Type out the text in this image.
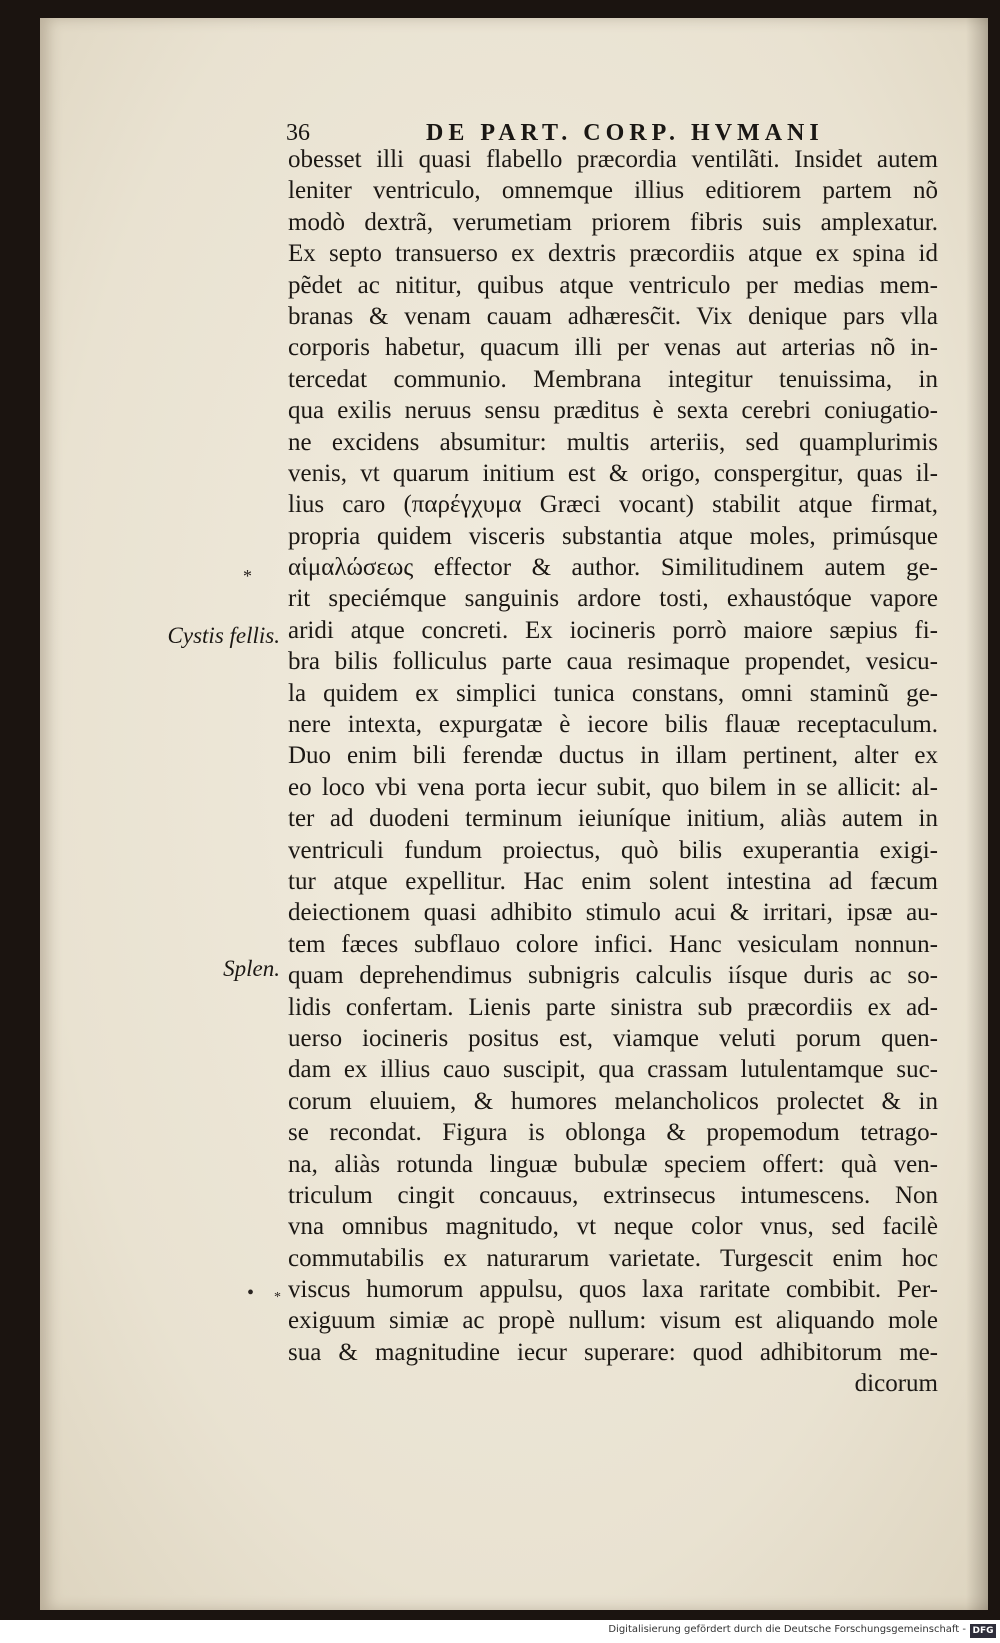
36	DE PART. CORP. HVMANI
Cystis fellis.
Splen.
*
• *
obesset illi quasi flabello præcordia ventilãti. Insidet autem
leniter ventriculo, omnemque illius editiorem partem nõ
modò dextrã, verumetiam priorem fibris suis amplexatur.
Ex septo transuerso ex dextris præcordiis atque ex spina id
pẽdet ac nititur, quibus atque ventriculo per medias mem-
branas & venam cauam adhæresc̃it. Vix denique pars vlla
corporis habetur, quacum illi per venas aut arterias nõ in-
tercedat communio. Membrana integitur tenuissima, in
qua exilis neruus sensu præditus è sexta cerebri coniugatio-
ne excidens absumitur: multis arteriis, sed quamplurimis
venis, vt quarum initium est & origo, conspergitur, quas il-
lius caro (παρέγχυμα Græci vocant) stabilit atque firmat,
propria quidem visceris substantia atque moles, primúsque
αἱμαλώσεως effector & author. Similitudinem autem ge-
rit speciémque sanguinis ardore tosti, exhaustóque vapore
aridi atque concreti. Ex iocineris porrò maiore sæpius fi-
bra bilis folliculus parte caua resimaque propendet, vesicu-
la quidem ex simplici tunica constans, omni staminũ ge-
nere intexta, expurgatæ è iecore bilis flauæ receptaculum.
Duo enim bili ferendæ ductus in illam pertinent, alter ex
eo loco vbi vena porta iecur subit, quo bilem in se allicit: al-
ter ad duodeni terminum ieiuníque initium, aliàs autem in
ventriculi fundum proiectus, quò bilis exuperantia exigi-
tur atque expellitur. Hac enim solent intestina ad fæcum
deiectionem quasi adhibito stimulo acui & irritari, ipsæ au-
tem fæces subflauo colore infici. Hanc vesiculam nonnun-
quam deprehendimus subnigris calculis iísque duris ac so-
lidis confertam. Lienis parte sinistra sub præcordiis ex ad-
uerso iocineris positus est, viamque veluti porum quen-
dam ex illius cauo suscipit, qua crassam lutulentamque suc-
corum eluuiem, & humores melancholicos prolectet & in
se recondat. Figura is oblonga & propemodum tetrago-
na, aliàs rotunda linguæ bubulæ speciem offert: quà ven-
triculum cingit concauus, extrinsecus intumescens. Non
vna omnibus magnitudo, vt neque color vnus, sed facilè
commutabilis ex naturarum varietate. Turgescit enim hoc
viscus humorum appulsu, quos laxa raritate combibit. Per-
exiguum simiæ ac propè nullum: visum est aliquando mole
sua & magnitudine iecur superare: quod adhibitorum me-
dicorum
Digitalisierung gefördert durch die Deutsche Forschungsgemeinschaft - DFG
